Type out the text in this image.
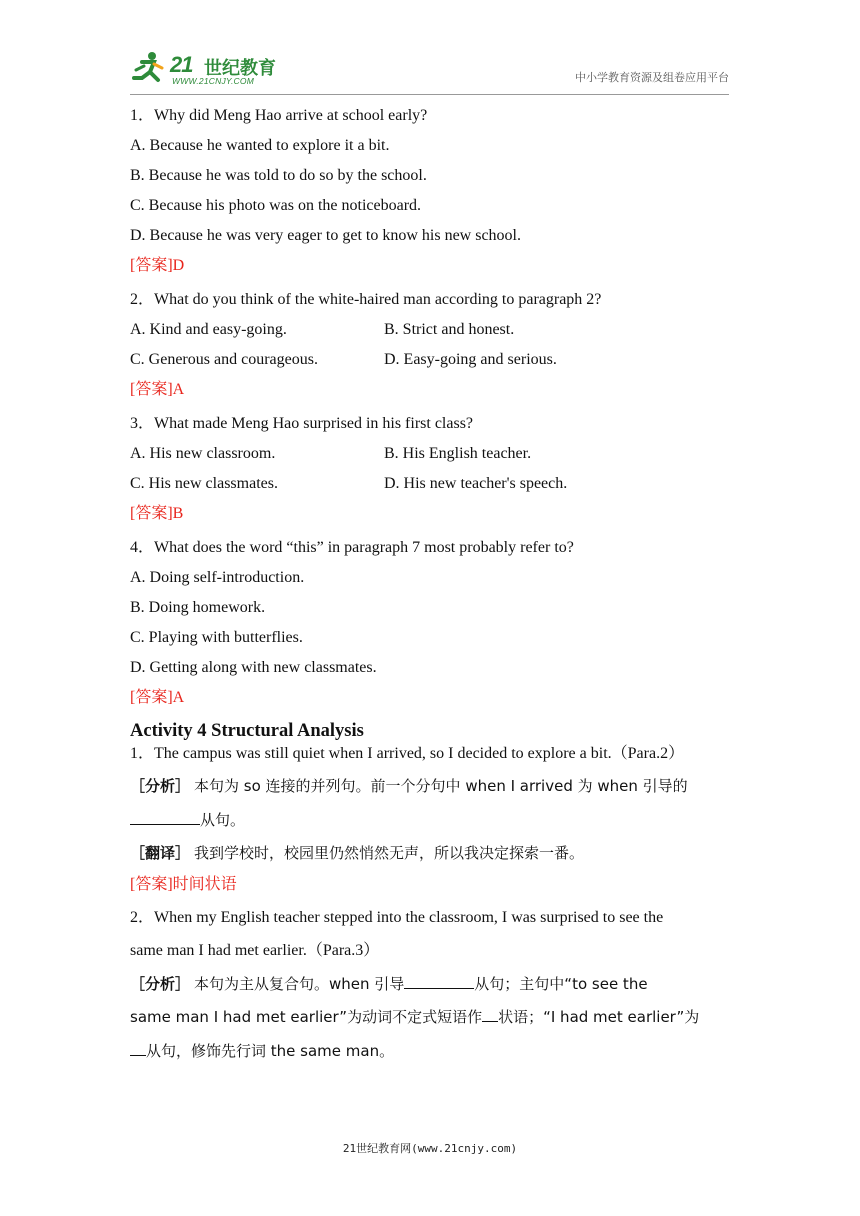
21 世纪教育
WWW.21CNJY.COM	中小学教育资源及组卷应用平台

1．Why did Meng Hao arrive at school early?

A. Because he wanted to explore it a bit.

B. Because he was told to do so by the school.

C. Because his photo was on the noticeboard.

D. Because he was very eager to get to know his new school.

[答案]D

2．What do you think of the white-haired man according to paragraph 2?

A. Kind and easy-going.	B. Strict and honest.

C. Generous and courageous.	D. Easy-going and serious.

[答案]A

3．What made Meng Hao surprised in his first class?

A. His new classroom.	B. His English teacher.

C. His new classmates.	D. His new teacher's speech.

[答案]B

4．What does the word “this” in paragraph 7 most probably refer to?

A. Doing self-introduction.

B. Doing homework.

C. Playing with butterflies.

D. Getting along with new classmates.

[答案]A

Activity 4 Structural Analysis

1．The campus was still quiet when I arrived, so I decided to explore a bit.（Para.2）

［分析］ 本句为 so 连接的并列句。前一个分句中 when I arrived 为 when 引导的
从句。

［翻译］ 我到学校时，校园里仍然悄然无声，所以我决定探索一番。

[答案]时间状语

2．When my English teacher stepped into the classroom, I was surprised to see the
same man I had met earlier.（Para.3）

［分析］ 本句为主从复合句。when 引导	从句；主句中“to see the
same man I had met earlier”为动词不定式短语作 状语；“I had met earlier”为
从句，修饰先行词 the same man。

21世纪教育网(www.21cnjy.com)
